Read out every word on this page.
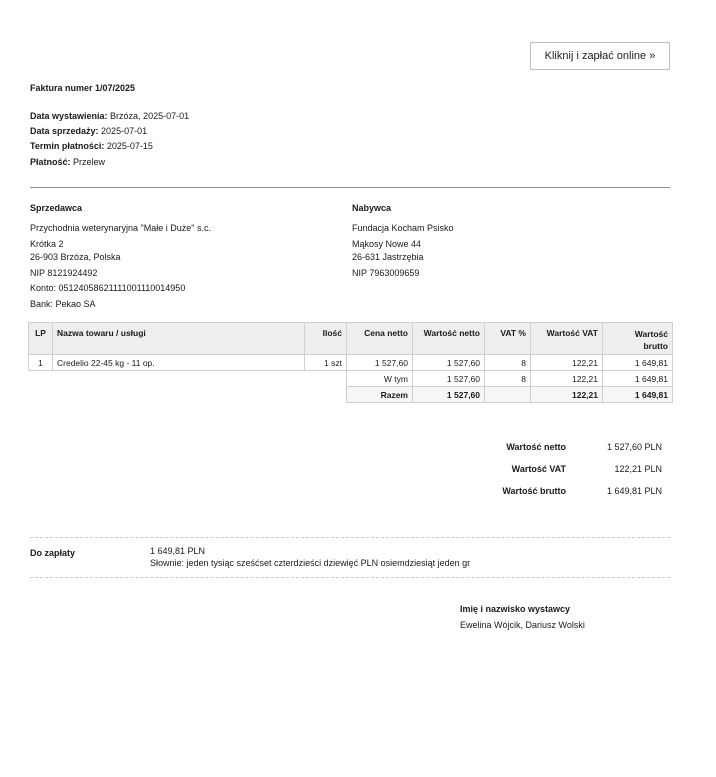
Kliknij i zapłać online »
Faktura numer 1/07/2025
Data wystawienia: Brzóza, 2025-07-01
Data sprzedaży: 2025-07-01
Termin płatności: 2025-07-15
Płatność: Przelew
Sprzedawca
Przychodnia weterynaryjna "Małe i Duże" s.c.
Krótka 2
26-903 Brzóza, Polska
NIP 8121924492
Konto: 05124058621111001110014950
Bank: Pekao SA
Nabywca
Fundacja Kocham Psisko
Mąkosy Nowe 44
26-631 Jastrzębia
NIP 7963009659
LP	Nazwa towaru / usługi	Ilość	Cena netto	Wartość netto	VAT %	Wartość VAT	Wartość
brutto

1	Credelio 22-45 kg - 11 op.	1 szt	1 527,60	1 527,60	8	122,21	1 649,81
			W tym	1 527,60	8	122,21	1 649,81
			Razem	1 527,60		122,21	1 649,81
Wartość netto	1 527,60 PLN
Wartość VAT	122,21 PLN
Wartość brutto	1 649,81 PLN
Do zapłaty	1 649,81 PLN
Słownie: jeden tysiąc sześćset czterdzieści dziewięć PLN osiemdziesiąt jeden gr
Imię i nazwisko wystawcy
Ewelina Wójcik, Dariusz Wolski
